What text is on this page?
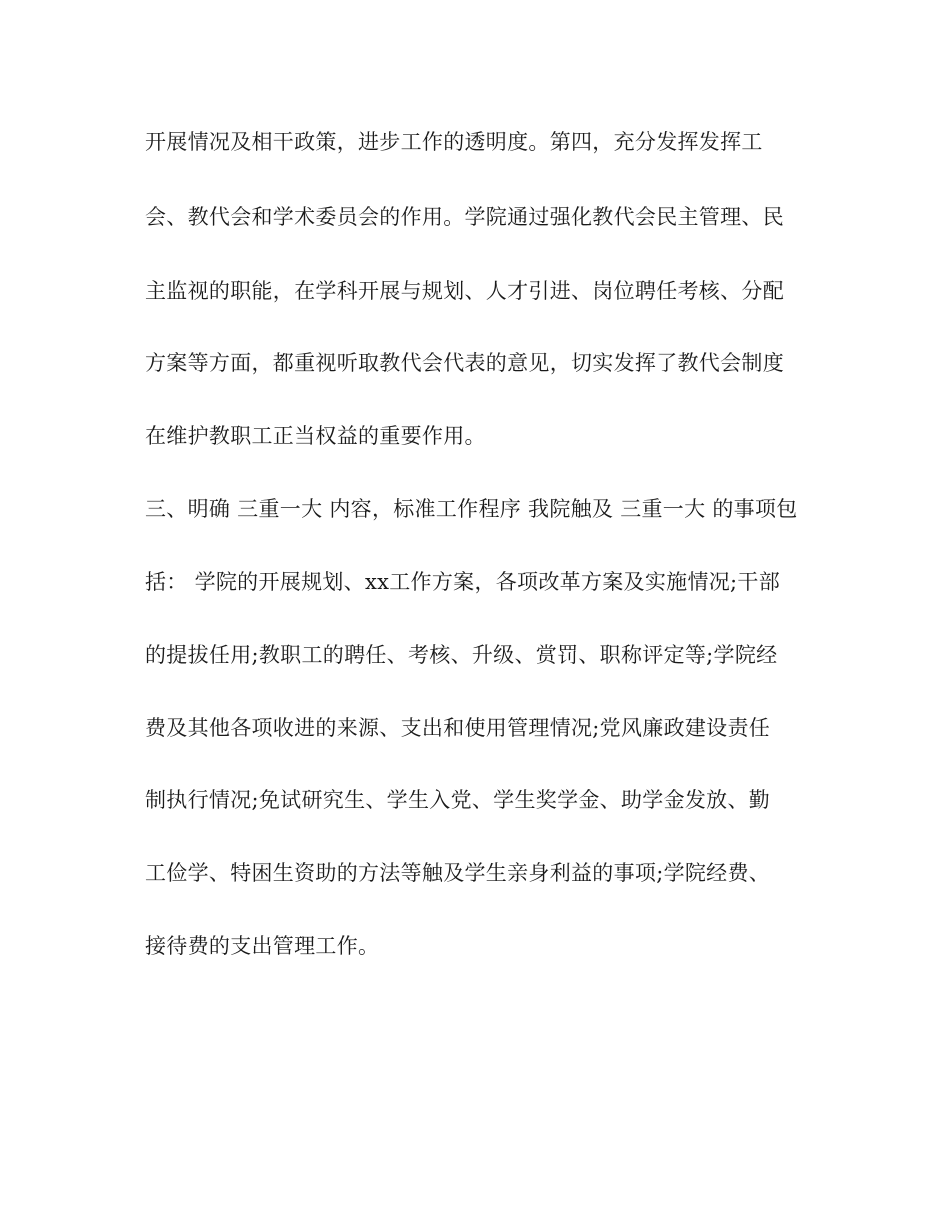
开展情况及相干政策，进步工作的透明度。第四，充分发挥发挥工
会、教代会和学术委员会的作用。学院通过强化教代会民主管理、民
主监视的职能，在学科开展与规划、人才引进、岗位聘任考核、分配
方案等方面，都重视听取教代会代表的意见，切实发挥了教代会制度
在维护教职工正当权益的重要作用。
三、明确 三重一大 内容，标准工作程序 我院触及 三重一大 的事项包
括： 学院的开展规划、xx工作方案，各项改革方案及实施情况;干部
的提拔任用;教职工的聘任、考核、升级、赏罚、职称评定等;学院经
费及其他各项收进的来源、支出和使用管理情况;党风廉政建设责任
制执行情况;免试研究生、学生入党、学生奖学金、助学金发放、勤
工俭学、特困生资助的方法等触及学生亲身利益的事项;学院经费、
接待费的支出管理工作。
